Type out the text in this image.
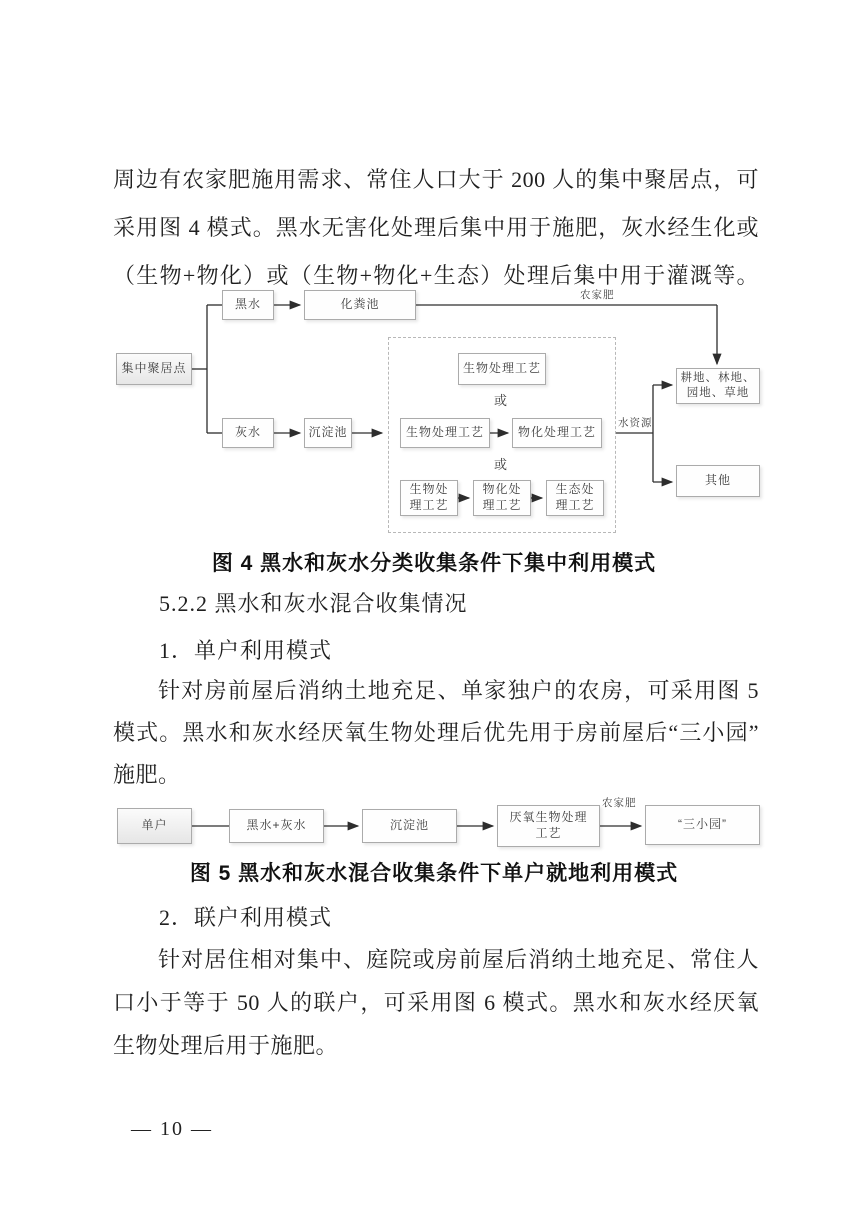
周边有农家肥施用需求、常住人口大于 200 人的集中聚居点，可
采用图 4 模式。黑水无害化处理后集中用于施肥，灰水经生化或
（生物+物化）或（生物+物化+生态）处理后集中用于灌溉等。
集中聚居点
黑水	化粪池
灰水	沉淀池
生物处理工艺
或
生物处理工艺	物化处理工艺
或
生物处理工艺
物化处理工艺
生态处理工艺
耕地、林地、园地、草地
其他
农家肥
水资源
图 4 黑水和灰水分类收集条件下集中利用模式
5.2.2 黑水和灰水混合收集情况
1．单户利用模式
针对房前屋后消纳土地充足、单家独户的农房，可采用图 5
模式。黑水和灰水经厌氧生物处理后优先用于房前屋后“三小园”
施肥。
单户	黑水+灰水	沉淀池
厌氧生物处理工艺
“三小园”
农家肥
图 5 黑水和灰水混合收集条件下单户就地利用模式
2．联户利用模式
针对居住相对集中、庭院或房前屋后消纳土地充足、常住人
口小于等于 50 人的联户，可采用图 6 模式。黑水和灰水经厌氧
生物处理后用于施肥。
— 10 —
